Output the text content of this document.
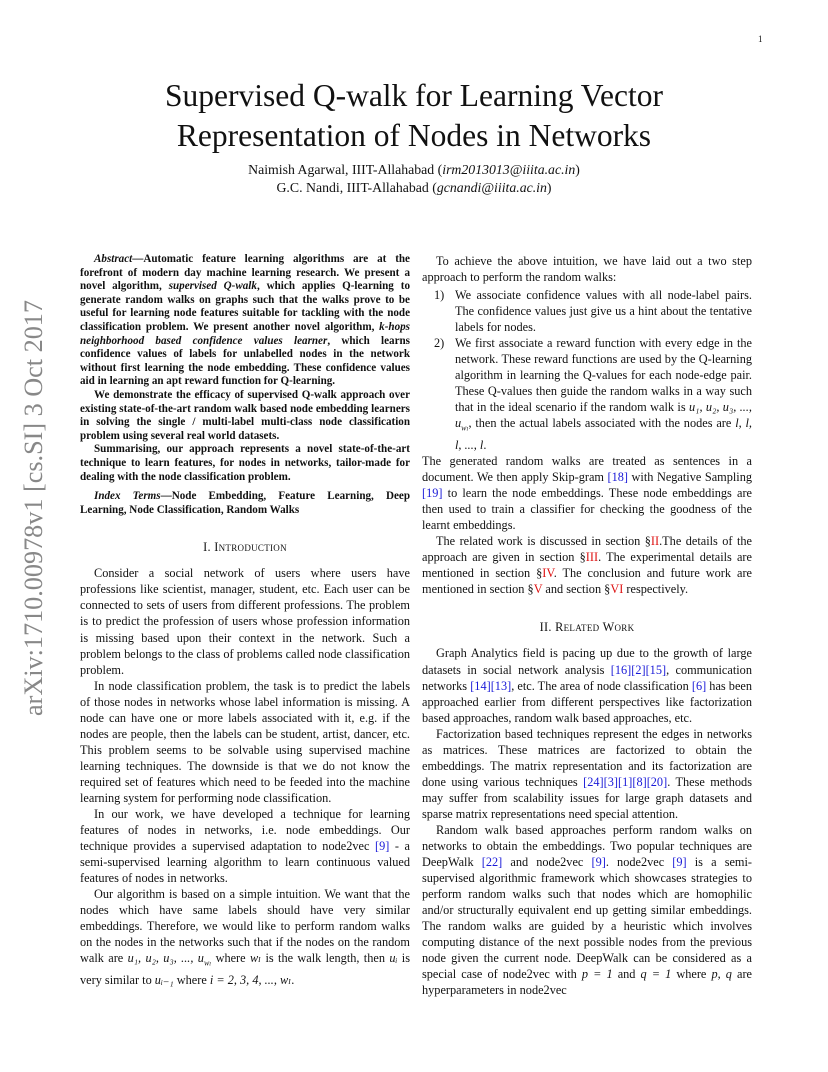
1
arXiv:1710.00978v1 [cs.SI] 3 Oct 2017
Supervised Q-walk for Learning Vector
Representation of Nodes in Networks
Naimish Agarwal, IIIT-Allahabad (irm2013013@iiita.ac.in)
G.C. Nandi, IIIT-Allahabad (gcnandi@iiita.ac.in)

Abstract—Automatic feature learning algorithms are at the forefront of modern day machine learning research. We present a novel algorithm, supervised Q-walk, which applies Q-learning to generate random walks on graphs such that the walks prove to be useful for learning node features suitable for tackling with the node classification problem. We present another novel algorithm, k-hops neighborhood based confidence values learner, which learns confidence values of labels for unlabelled nodes in the network without first learning the node embedding. These confidence values aid in learning an apt reward function for Q-learning.

We demonstrate the efficacy of supervised Q-walk approach over existing state-of-the-art random walk based node embedding learners in solving the single / multi-label multi-class node classification problem using several real world datasets.

Summarising, our approach represents a novel state-of-the-art technique to learn features, for nodes in networks, tailor-made for dealing with the node classification problem.

Index Terms—Node Embedding, Feature Learning, Deep Learning, Node Classification, Random Walks

I. Introduction

Consider a social network of users where users have professions like scientist, manager, student, etc. Each user can be connected to sets of users from different professions. The problem is to predict the profession of users whose profession information is missing based upon their context in the network. Such a problem belongs to the class of problems called node classification problem.

In node classification problem, the task is to predict the labels of those nodes in networks whose label information is missing. A node can have one or more labels associated with it, e.g. if the nodes are people, then the labels can be student, artist, dancer, etc. This problem seems to be solvable using supervised machine learning techniques. The downside is that we do not know the required set of features which need to be feeded into the machine learning system for performing node classification.

In our work, we have developed a technique for learning features of nodes in networks, i.e. node embeddings. Our technique provides a supervised adaptation to node2vec [9] - a semi-supervised learning algorithm to learn continuous valued features of nodes in networks.

Our algorithm is based on a simple intuition. We want that the nodes which have same labels should have very similar embeddings. Therefore, we would like to perform random walks on the nodes in the networks such that if the nodes on the random walk are u₁, u₂, u₃, ..., $u_{w_l}$ where wₗ is the walk length, then uᵢ is very similar to uᵢ₋₁ where i = 2, 3, 4, ..., wₗ.

To achieve the above intuition, we have laid out a two step approach to perform the random walks:

1) We associate confidence values with all node-label pairs. The confidence values just give us a hint about the tentative labels for nodes.
2) We first associate a reward function with every edge in the network. These reward functions are used by the Q-learning algorithm in learning the Q-values for each node-edge pair. These Q-values then guide the random walks in a way such that in the ideal scenario if the random walk is u₁, u₂, u₃, ..., $u_{w_l}$, then the actual labels associated with the nodes are l, l, l, ..., l.

The generated random walks are treated as sentences in a document. We then apply Skip-gram [18] with Negative Sampling [19] to learn the node embeddings. These node embeddings are then used to train a classifier for checking the goodness of the learnt embeddings.

The related work is discussed in section §II.The details of the approach are given in section §III. The experimental details are mentioned in section §IV. The conclusion and future work are mentioned in section §V and section §VI respectively.

II. Related Work

Graph Analytics field is pacing up due to the growth of large datasets in social network analysis [16][2][15], communication networks [14][13], etc. The area of node classification [6] has been approached earlier from different perspectives like factorization based approaches, random walk based approaches, etc.

Factorization based techniques represent the edges in networks as matrices. These matrices are factorized to obtain the embeddings. The matrix representation and its factorization are done using various techniques [24][3][1][8][20]. These methods may suffer from scalability issues for large graph datasets and sparse matrix representations need special attention.

Random walk based approaches perform random walks on networks to obtain the embeddings. Two popular techniques are DeepWalk [22] and node2vec [9]. node2vec [9] is a semi-supervised algorithmic framework which showcases strategies to perform random walks such that nodes which are homophilic and/or structurally equivalent end up getting similar embeddings. The random walks are guided by a heuristic which involves computing distance of the next possible nodes from the previous node given the current node. DeepWalk can be considered as a special case of node2vec with p = 1 and q = 1 where p, q are hyperparameters in node2vec
